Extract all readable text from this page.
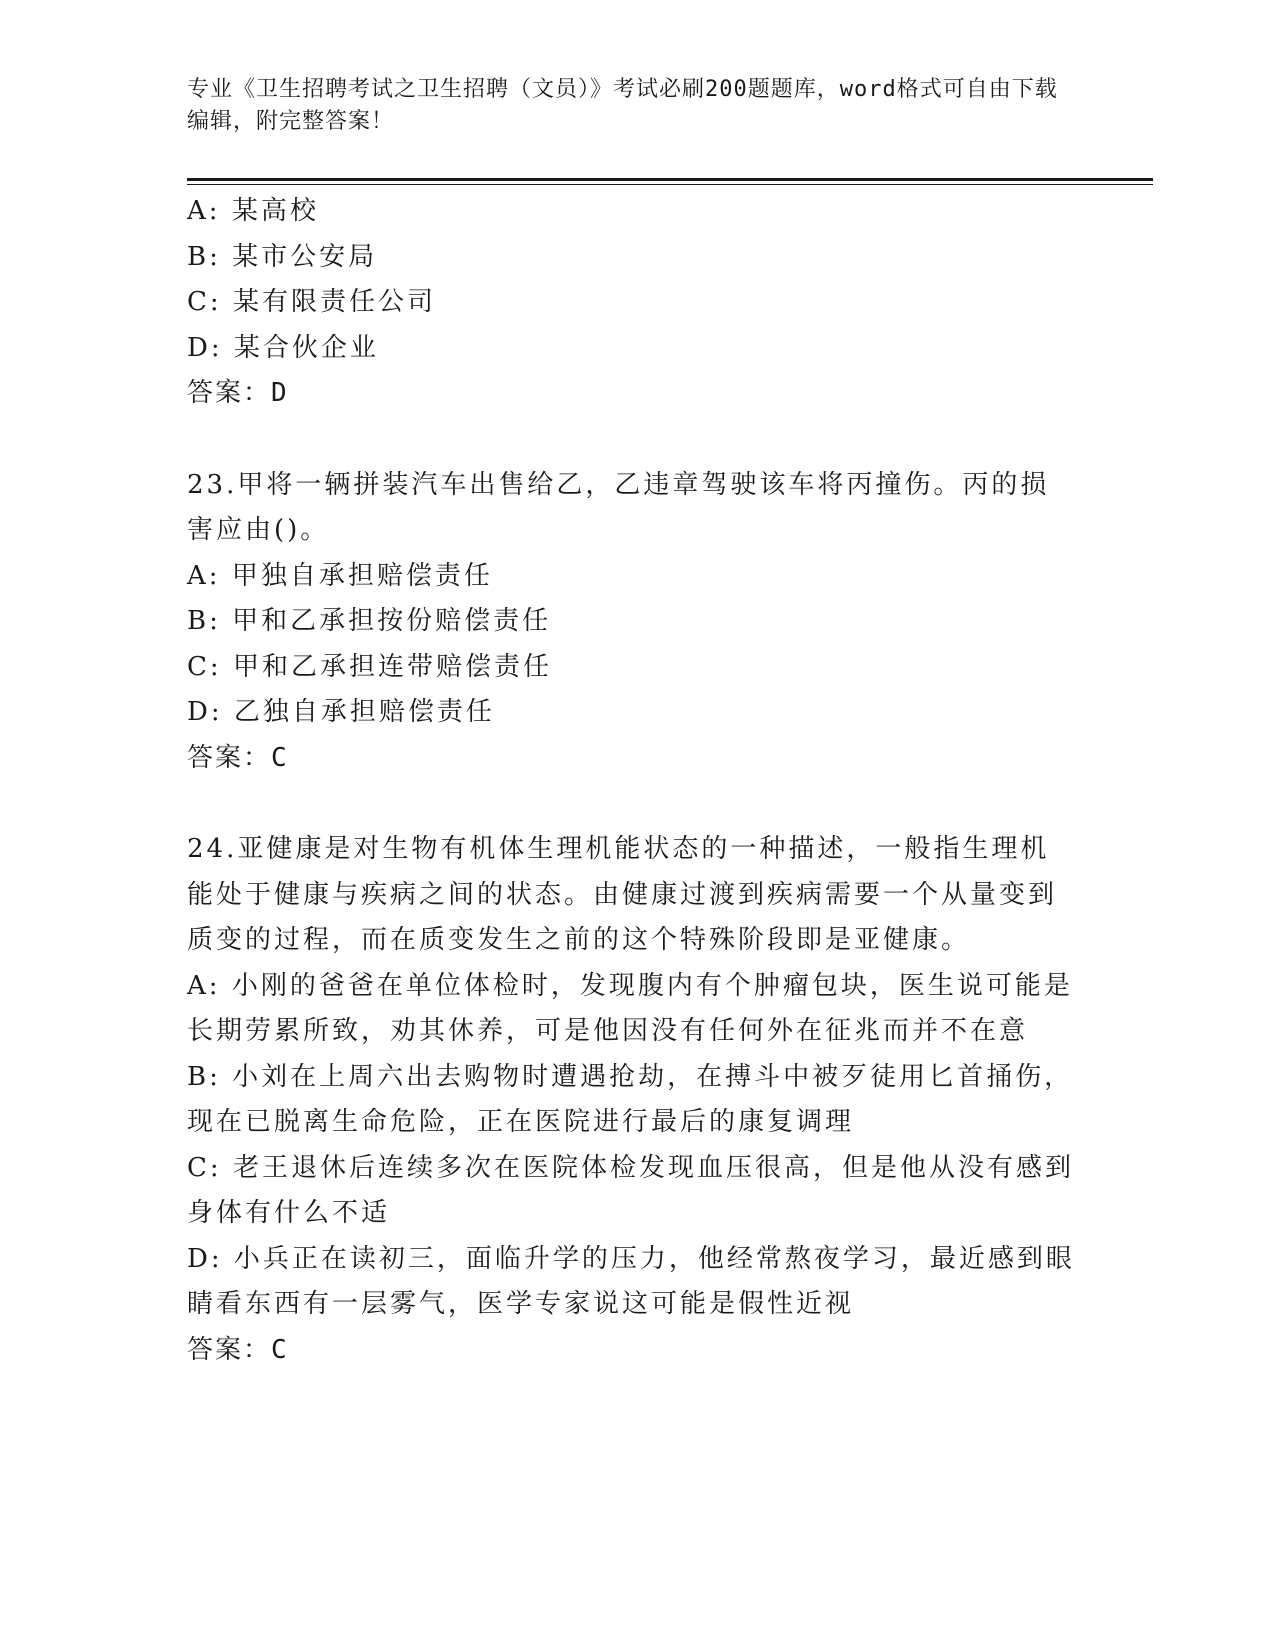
专业《卫生招聘考试之卫生招聘（文员）》考试必刷200题题库，word格式可自由下载编辑，附完整答案！

A: 某高校

B: 某市公安局

C: 某有限责任公司

D: 某合伙企业

答案：D

23.甲将一辆拼装汽车出售给乙，乙违章驾驶该车将丙撞伤。丙的损害应由()。

A: 甲独自承担赔偿责任

B: 甲和乙承担按份赔偿责任

C: 甲和乙承担连带赔偿责任

D: 乙独自承担赔偿责任

答案：C

24.亚健康是对生物有机体生理机能状态的一种描述，一般指生理机能处于健康与疾病之间的状态。由健康过渡到疾病需要一个从量变到质变的过程，而在质变发生之前的这个特殊阶段即是亚健康。

A: 小刚的爸爸在单位体检时，发现腹内有个肿瘤包块，医生说可能是长期劳累所致，劝其休养，可是他因没有任何外在征兆而并不在意

B: 小刘在上周六出去购物时遭遇抢劫，在搏斗中被歹徒用匕首捅伤，现在已脱离生命危险，正在医院进行最后的康复调理

C: 老王退休后连续多次在医院体检发现血压很高，但是他从没有感到身体有什么不适

D: 小兵正在读初三，面临升学的压力，他经常熬夜学习，最近感到眼睛看东西有一层雾气，医学专家说这可能是假性近视

答案：C
